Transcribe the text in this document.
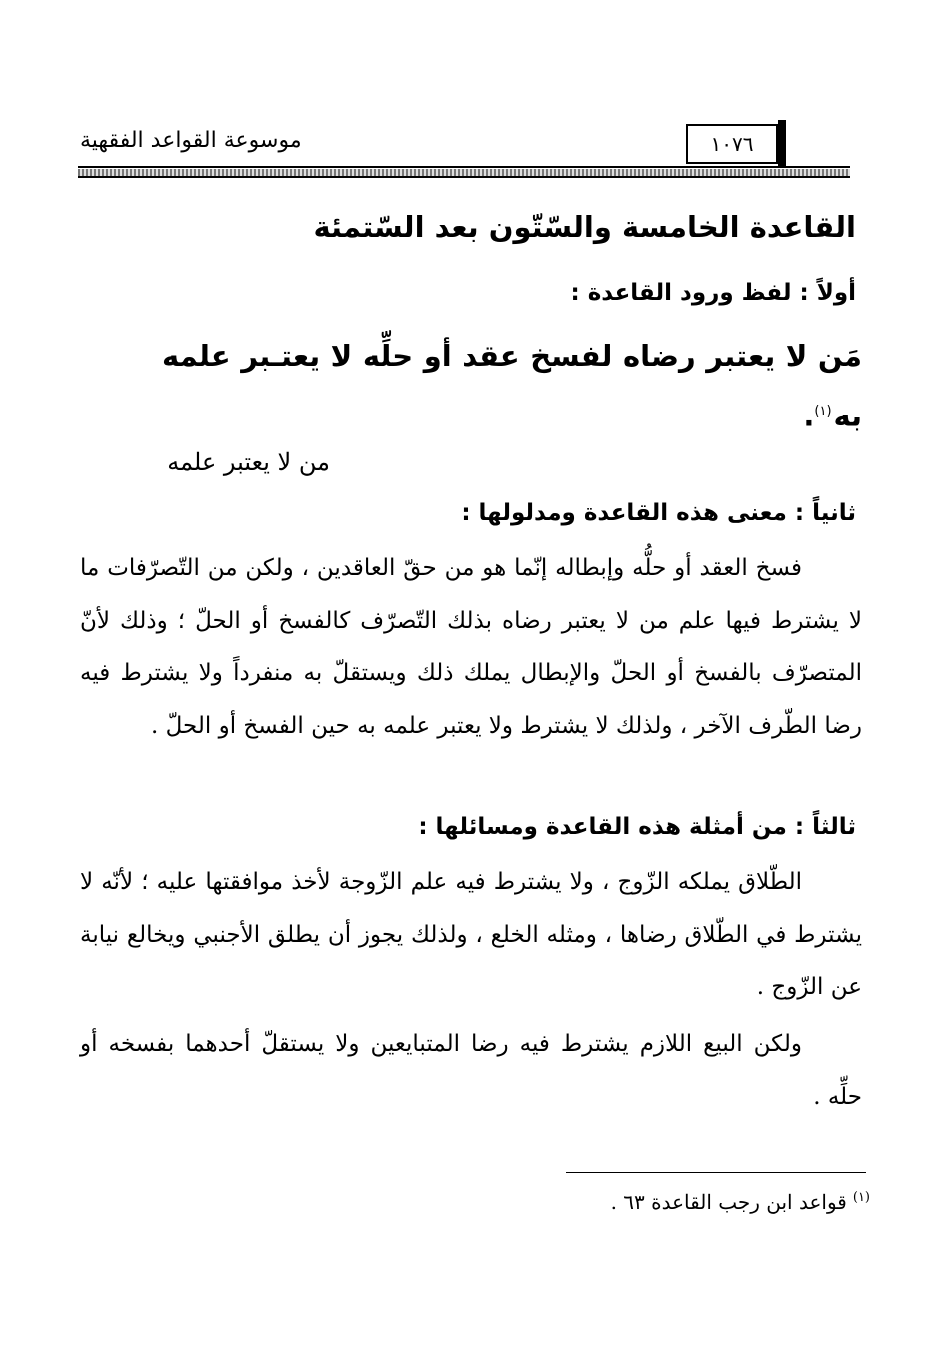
موسوعة القواعد الفقهية	١٠٧٦
القاعدة الخامسة والسّتّون بعد السّتمئة
أولاً : لفظ ورود القاعدة :
مَن لا يعتبر رضاه لفسخ عقد أو حلِّه لا يعتـبر علمه به$^{(١)}$.
من لا يعتبر علمه
ثانياً : معنى هذه القاعدة ومدلولها :
فسخ العقد أو حلُّه وإبطاله إنّما هو من حقّ العاقدين ، ولكن من التّصرّفات ما لا يشترط فيها علم من لا يعتبر رضاه بذلك التّصرّف كالفسخ أو الحلّ ؛ وذلك لأنّ المتصرّف بالفسخ أو الحلّ والإبطال يملك ذلك ويستقلّ به منفرداً ولا يشترط فيه رضا الطّرف الآخر ، ولذلك لا يشترط ولا يعتبر علمه به حين الفسخ أو الحلّ .
ثالثاً : من أمثلة هذه القاعدة ومسائلها :
الطّلاق يملكه الزّوج ، ولا يشترط فيه علم الزّوجة لأخذ موافقتها عليه ؛ لأنّه لا يشترط في الطّلاق رضاها ، ومثله الخلع ، ولذلك يجوز أن يطلق الأجنبي ويخالع نيابة عن الزّوج .
ولكن البيع اللازم يشترط فيه رضا المتبايعين ولا يستقلّ أحدهما بفسخه أو حلِّه .
$^{(١)}$قواعد ابن رجب القاعدة ٦٣ .
